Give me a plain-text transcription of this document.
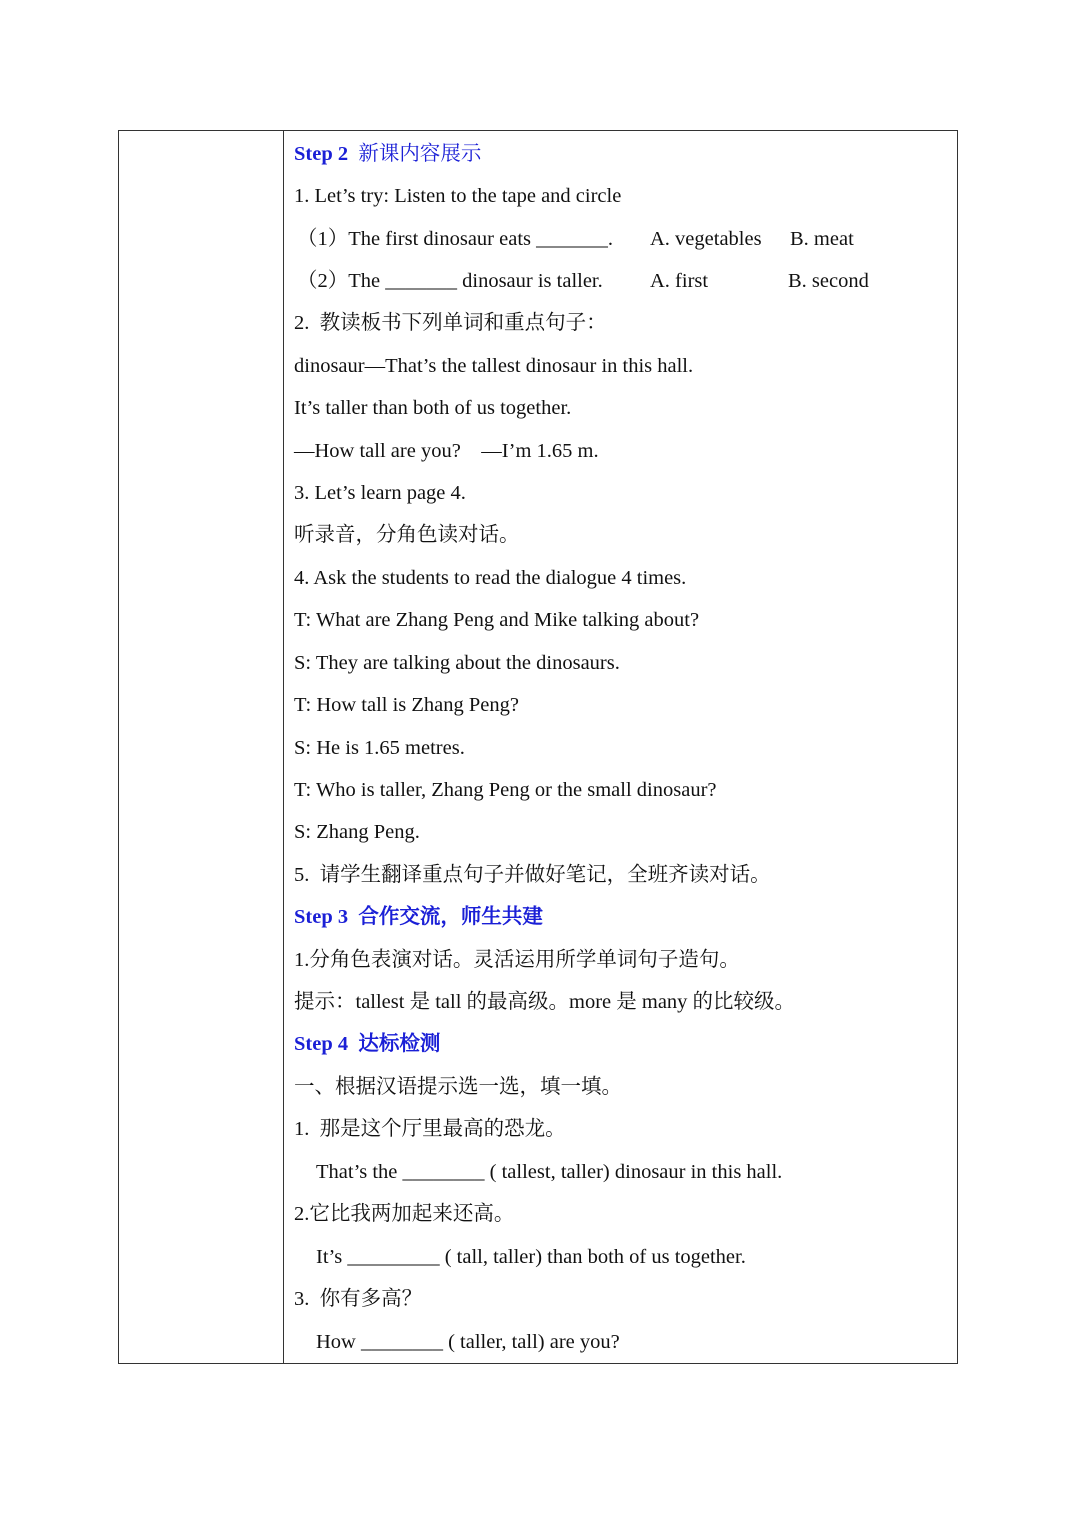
Step 2 新课内容展示
1. Let’s try: Listen to the tape and circle
（1）The first dinosaur eats _______. A. vegetables B. meat
（2）The _______ dinosaur is taller. A. first	B. second
2.  教读板书下列单词和重点句子：
dinosaur—That’s the tallest dinosaur in this hall.
It’s taller than both of us together.
—How tall are you?    —I’m 1.65 m.
3. Let’s learn page 4.
听录音，分角色读对话。
4. Ask the students to read the dialogue 4 times.
T: What are Zhang Peng and Mike talking about?
S: They are talking about the dinosaurs.
T: How tall is Zhang Peng?
S: He is 1.65 metres.
T: Who is taller, Zhang Peng or the small dinosaur?
S: Zhang Peng.
5.  请学生翻译重点句子并做好笔记，全班齐读对话。
Step 3 合作交流，师生共建
1.分角色表演对话。灵活运用所学单词句子造句。
提示：tallest 是 tall 的最高级。more 是 many 的比较级。
Step 4 达标检测
一、根据汉语提示选一选，填一填。
1.  那是这个厅里最高的恐龙。
That’s the ________ ( tallest, taller) dinosaur in this hall.
2.它比我两加起来还高。
It’s _________ ( tall, taller) than both of us together.
3.  你有多高？
How ________ ( taller, tall) are you?
